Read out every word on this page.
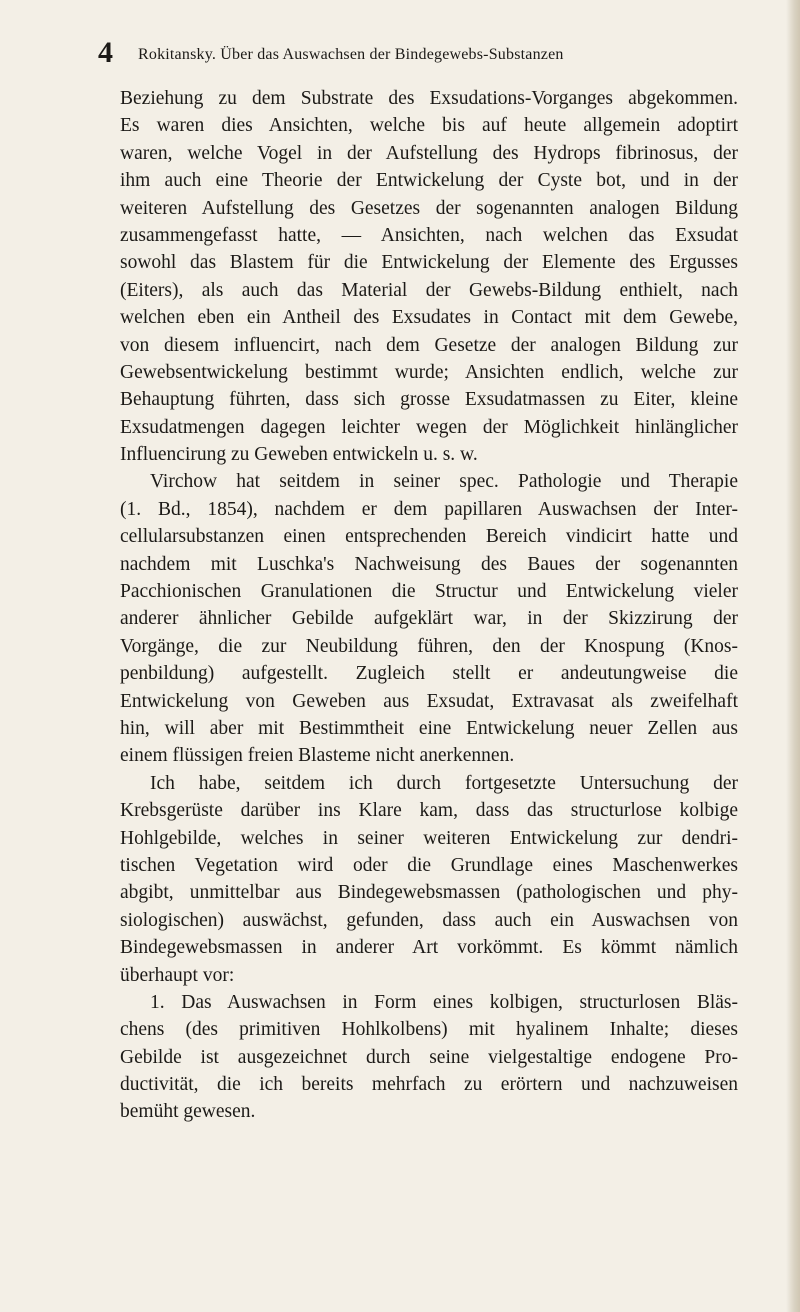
4 Rokitansky. Über das Auswachsen der Bindegewebs-Substanzen
Beziehung zu dem Substrate des Exsudations-Vorganges abgekommen.
Es waren dies Ansichten, welche bis auf heute allgemein adoptirt
waren, welche Vogel in der Aufstellung des Hydrops fibrinosus, der
ihm auch eine Theorie der Entwickelung der Cyste bot, und in der
weiteren Aufstellung des Gesetzes der sogenannten analogen Bildung
zusammengefasst hatte, — Ansichten, nach welchen das Exsudat
sowohl das Blastem für die Entwickelung der Elemente des Ergusses
(Eiters), als auch das Material der Gewebs-Bildung enthielt, nach
welchen eben ein Antheil des Exsudates in Contact mit dem Gewebe,
von diesem influencirt, nach dem Gesetze der analogen Bildung zur
Gewebsentwickelung bestimmt wurde; Ansichten endlich, welche zur
Behauptung führten, dass sich grosse Exsudatmassen zu Eiter, kleine
Exsudatmengen dagegen leichter wegen der Möglichkeit hinlänglicher
Influencirung zu Geweben entwickeln u. s. w.
Virchow hat seitdem in seiner spec. Pathologie und Therapie
(1. Bd., 1854), nachdem er dem papillaren Auswachsen der Inter-
cellularsubstanzen einen entsprechenden Bereich vindicirt hatte und
nachdem mit Luschka's Nachweisung des Baues der sogenannten
Pacchionischen Granulationen die Structur und Entwickelung vieler
anderer ähnlicher Gebilde aufgeklärt war, in der Skizzirung der
Vorgänge, die zur Neubildung führen, den der Knospung (Knos-
penbildung) aufgestellt. Zugleich stellt er andeutungweise die
Entwickelung von Geweben aus Exsudat, Extravasat als zweifelhaft
hin, will aber mit Bestimmtheit eine Entwickelung neuer Zellen aus
einem flüssigen freien Blasteme nicht anerkennen.
Ich habe, seitdem ich durch fortgesetzte Untersuchung der
Krebsgerüste darüber ins Klare kam, dass das structurlose kolbige
Hohlgebilde, welches in seiner weiteren Entwickelung zur dendri-
tischen Vegetation wird oder die Grundlage eines Maschenwerkes
abgibt, unmittelbar aus Bindegewebsmassen (pathologischen und phy-
siologischen) auswächst, gefunden, dass auch ein Auswachsen von
Bindegewebsmassen in anderer Art vorkömmt. Es kömmt nämlich
überhaupt vor:
1. Das Auswachsen in Form eines kolbigen, structurlosen Bläs-
chens (des primitiven Hohlkolbens) mit hyalinem Inhalte; dieses
Gebilde ist ausgezeichnet durch seine vielgestaltige endogene Pro-
ductivität, die ich bereits mehrfach zu erörtern und nachzuweisen
bemüht gewesen.
